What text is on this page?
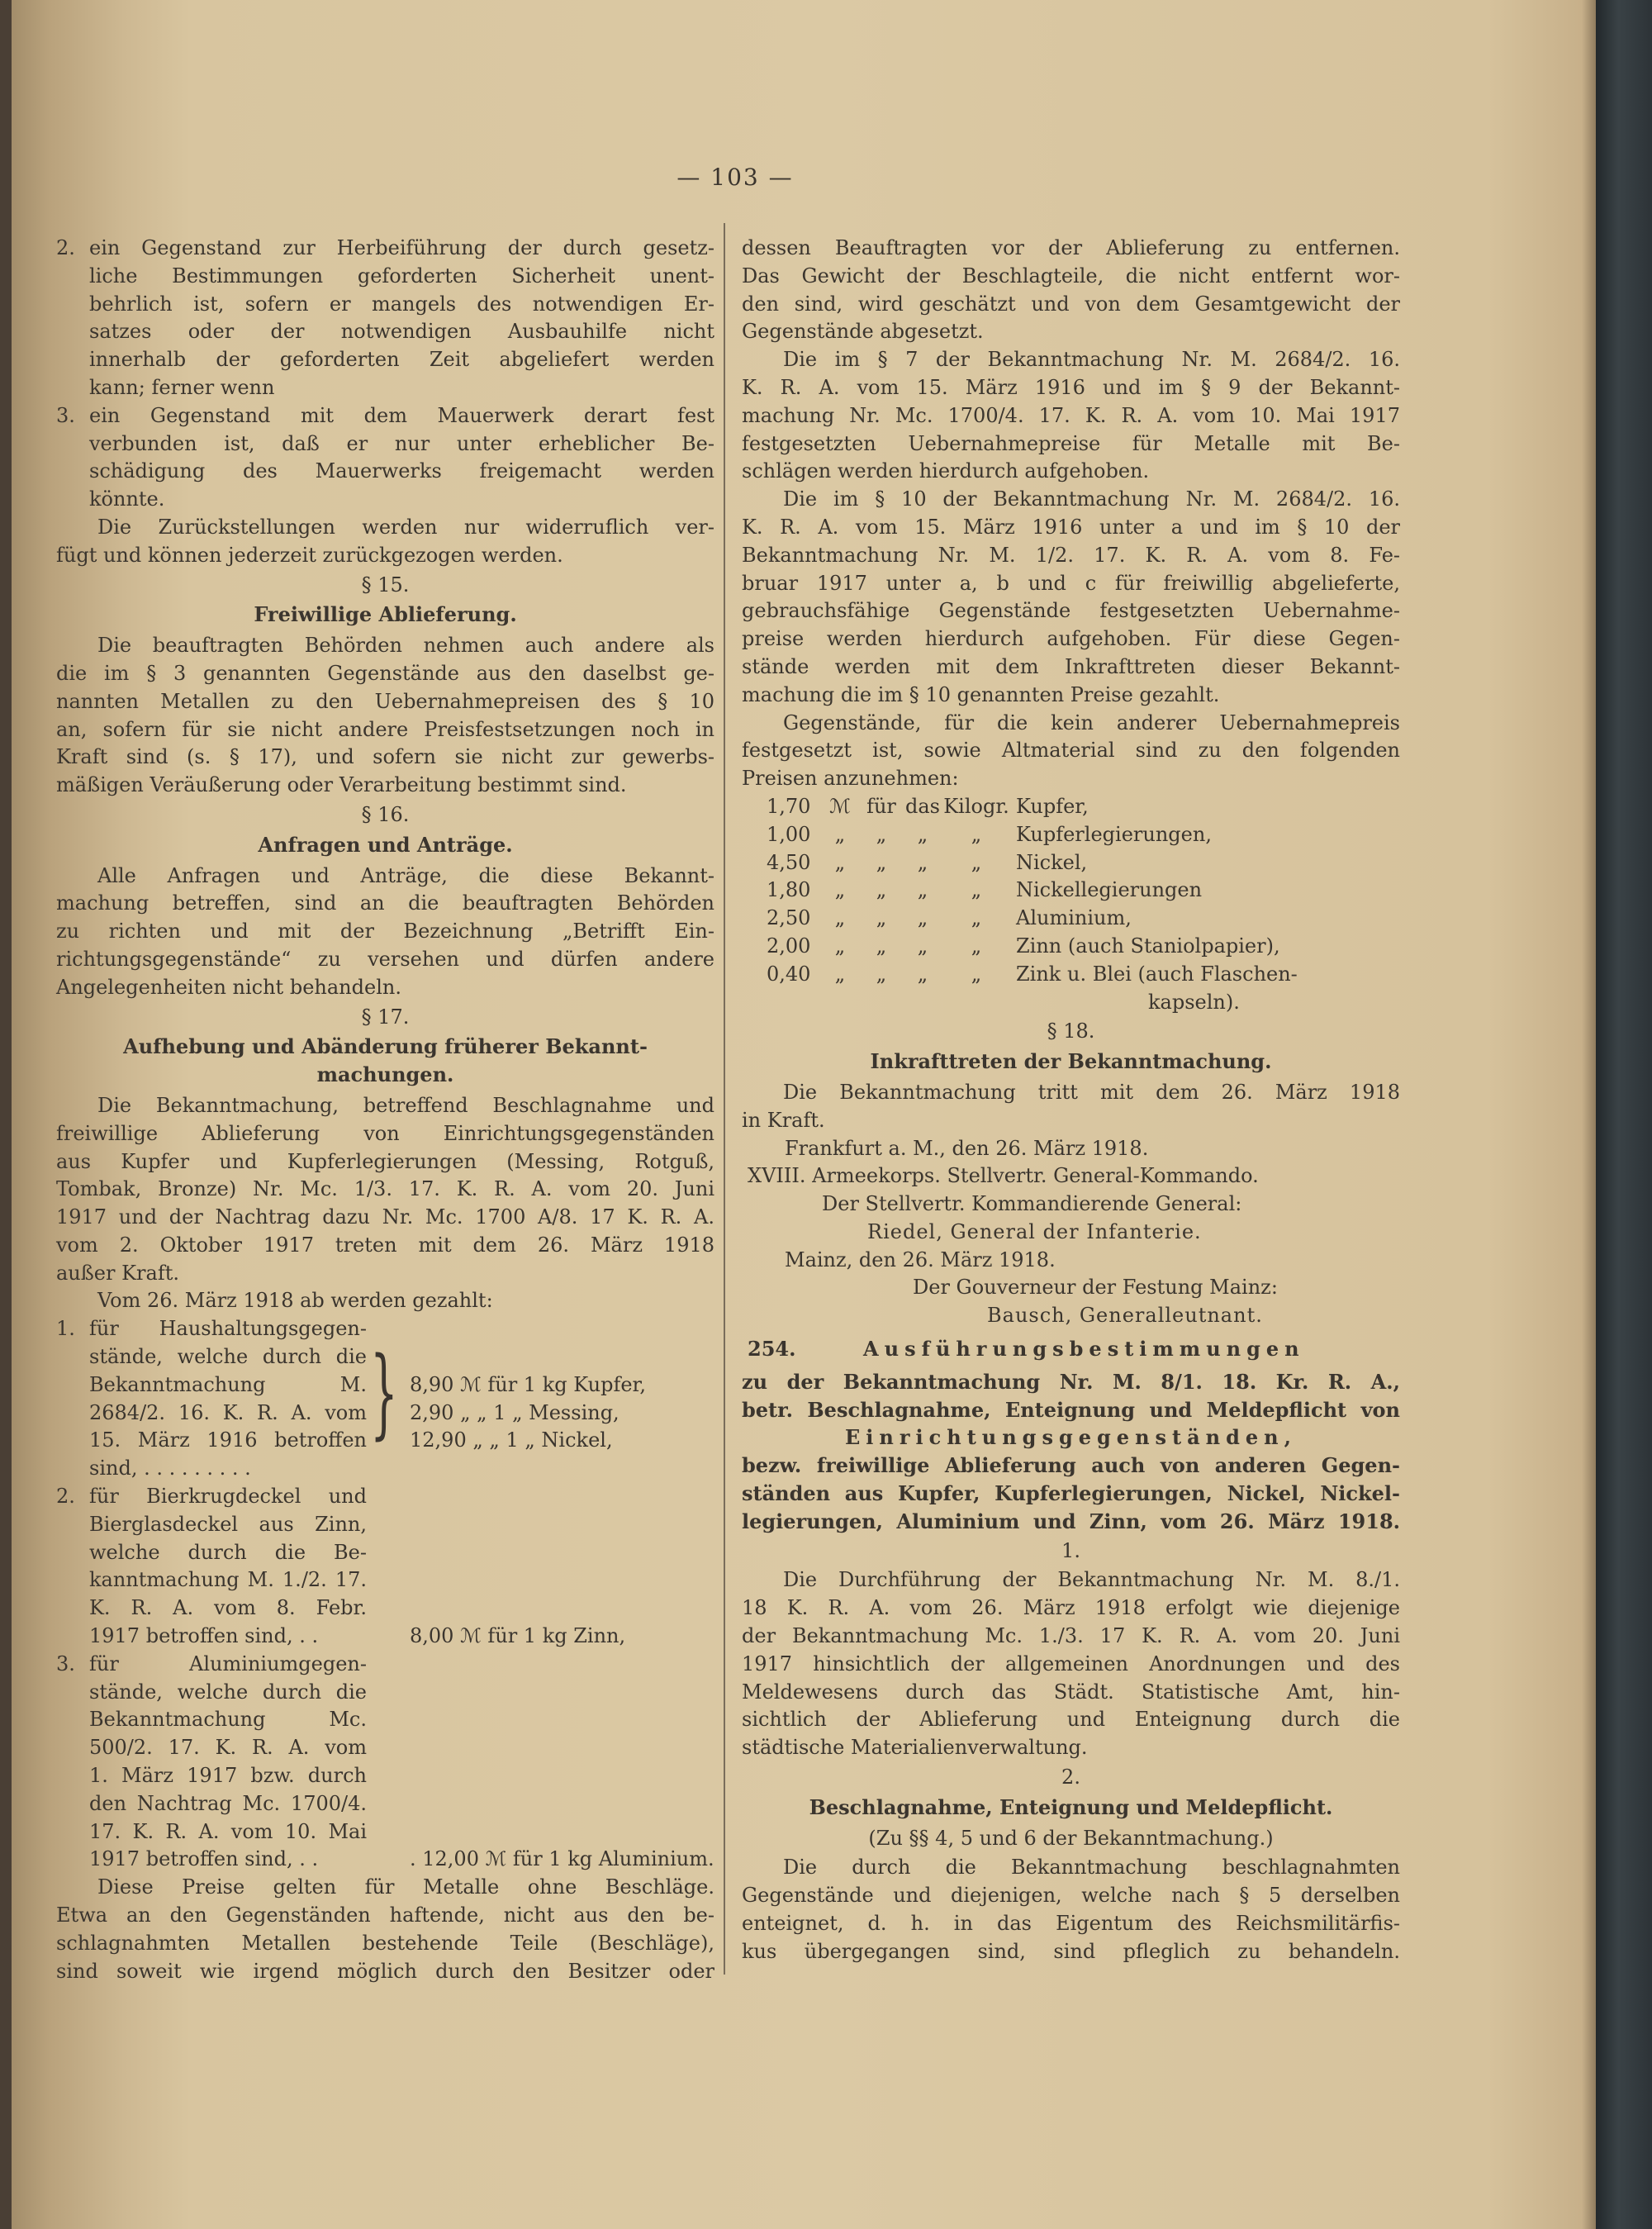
— 103 —
2. ein Gegenstand zur Herbeiführung der durch gesetz-
liche Bestimmungen geforderten Sicherheit unent-
behrlich ist, sofern er mangels des notwendigen Er-
satzes oder der notwendigen Ausbauhilfe nicht
innerhalb der geforderten Zeit abgeliefert werden
kann; ferner wenn
3. ein Gegenstand mit dem Mauerwerk derart fest
verbunden ist, daß er nur unter erheblicher Be-
schädigung des Mauerwerks freigemacht werden
könnte.
Die Zurückstellungen werden nur widerruflich ver-
fügt und können jederzeit zurückgezogen werden.
§ 15.
Freiwillige Ablieferung.
Die beauftragten Behörden nehmen auch andere als
die im § 3 genannten Gegenstände aus den daselbst ge-
nannten Metallen zu den Uebernahmepreisen des § 10
an, sofern für sie nicht andere Preisfestsetzungen noch in
Kraft sind (s. § 17), und sofern sie nicht zur gewerbs-
mäßigen Veräußerung oder Verarbeitung bestimmt sind.
§ 16.
Anfragen und Anträge.
Alle Anfragen und Anträge, die diese Bekannt-
machung betreffen, sind an die beauftragten Behörden
zu richten und mit der Bezeichnung „Betrifft Ein-
richtungsgegenstände“ zu versehen und dürfen andere
Angelegenheiten nicht behandeln.
§ 17.
Aufhebung und Abänderung früherer Bekannt-
machungen.
Die Bekanntmachung, betreffend Beschlagnahme und
freiwillige Ablieferung von Einrichtungsgegenständen
aus Kupfer und Kupferlegierungen (Messing, Rotguß,
Tombak, Bronze) Nr. Mc. 1/3. 17. K. R. A. vom 20. Juni
1917 und der Nachtrag dazu Nr. Mc. 1700 A/8. 17 K. R. A.
vom 2. Oktober 1917 treten mit dem 26. März 1918
außer Kraft.
Vom 26. März 1918 ab werden gezahlt:
1. für Haushaltungsgegen-
stände, welche durch die
Bekanntmachung M.
2684/2. 16. K. R. A. vom
15. März 1916 betroffen
sind, . . . . . . . . .
} 8,90 ℳ für 1 kg Kupfer,
2,90 „ „ 1 „ Messing,
12,90 „ „ 1 „ Nickel,
2. für Bierkrugdeckel und
Bierglasdeckel aus Zinn,
welche durch die Be-
kanntmachung M. 1./2. 17.
K. R. A. vom 8. Febr.
1917 betroffen sind, . .	8,00 ℳ für 1 kg Zinn,
3. für Aluminiumgegen-
stände, welche durch die
Bekanntmachung Mc.
500/2. 17. K. R. A. vom
1. März 1917 bzw. durch
den Nachtrag Mc. 1700/4.
17. K. R. A. vom 10. Mai
1917 betroffen sind, . .	. 12,00 ℳ für 1 kg Aluminium.
Diese Preise gelten für Metalle ohne Beschläge.
Etwa an den Gegenständen haftende, nicht aus den be-
schlagnahmten Metallen bestehende Teile (Beschläge),
sind soweit wie irgend möglich durch den Besitzer oder
dessen Beauftragten vor der Ablieferung zu entfernen.
Das Gewicht der Beschlagteile, die nicht entfernt wor-
den sind, wird geschätzt und von dem Gesamtgewicht der
Gegenstände abgesetzt.
Die im § 7 der Bekanntmachung Nr. M. 2684/2. 16.
K. R. A. vom 15. März 1916 und im § 9 der Bekannt-
machung Nr. Mc. 1700/4. 17. K. R. A. vom 10. Mai 1917
festgesetzten Uebernahmepreise für Metalle mit Be-
schlägen werden hierdurch aufgehoben.
Die im § 10 der Bekanntmachung Nr. M. 2684/2. 16.
K. R. A. vom 15. März 1916 unter a und im § 10 der
Bekanntmachung Nr. M. 1/2. 17. K. R. A. vom 8. Fe-
bruar 1917 unter a, b und c für freiwillig abgelieferte,
gebrauchsfähige Gegenstände festgesetzten Uebernahme-
preise werden hierdurch aufgehoben. Für diese Gegen-
stände werden mit dem Inkrafttreten dieser Bekannt-
machung die im § 10 genannten Preise gezahlt.
Gegenstände, für die kein anderer Uebernahmepreis
festgesetzt ist, sowie Altmaterial sind zu den folgenden
Preisen anzunehmen:
1,70 ℳ für das Kilogr. Kupfer,
1,00	„	„	„	„	Kupferlegierungen,
4,50	„	„	„	„	Nickel,
1,80	„	„	„	„	Nickellegierungen
2,50	„	„	„	„	Aluminium,
2,00	„	„	„	„	Zinn (auch Staniolpapier),
0,40	„	„	„	„	Zink u. Blei (auch Flaschen-
kapseln).
§ 18.
Inkrafttreten der Bekanntmachung.
Die Bekanntmachung tritt mit dem 26. März 1918
in Kraft.
Frankfurt a. M., den 26. März 1918.
XVIII. Armeekorps. Stellvertr. General-Kommando.
Der Stellvertr. Kommandierende General:
Riedel, General der Infanterie.
Mainz, den 26. März 1918.
Der Gouverneur der Festung Mainz:
Bausch, Generalleutnant.
254.	Ausführungsbestimmungen
zu der Bekanntmachung Nr. M. 8/1. 18. Kr. R. A.,
betr. Beschlagnahme, Enteignung und Meldepflicht von
Einrichtungsgegenständen,
bezw. freiwillige Ablieferung auch von anderen Gegen-
ständen aus Kupfer, Kupferlegierungen, Nickel, Nickel-
legierungen, Aluminium und Zinn, vom 26. März 1918.
1.
Die Durchführung der Bekanntmachung Nr. M. 8./1.
18 K. R. A. vom 26. März 1918 erfolgt wie diejenige
der Bekanntmachung Mc. 1./3. 17 K. R. A. vom 20. Juni
1917 hinsichtlich der allgemeinen Anordnungen und des
Meldewesens durch das Städt. Statistische Amt, hin-
sichtlich der Ablieferung und Enteignung durch die
städtische Materialienverwaltung.
2.
Beschlagnahme, Enteignung und Meldepflicht.
(Zu §§ 4, 5 und 6 der Bekanntmachung.)
Die durch die Bekanntmachung beschlagnahmten
Gegenstände und diejenigen, welche nach § 5 derselben
enteignet, d. h. in das Eigentum des Reichsmilitärfis-
kus übergegangen sind, sind pfleglich zu behandeln.
